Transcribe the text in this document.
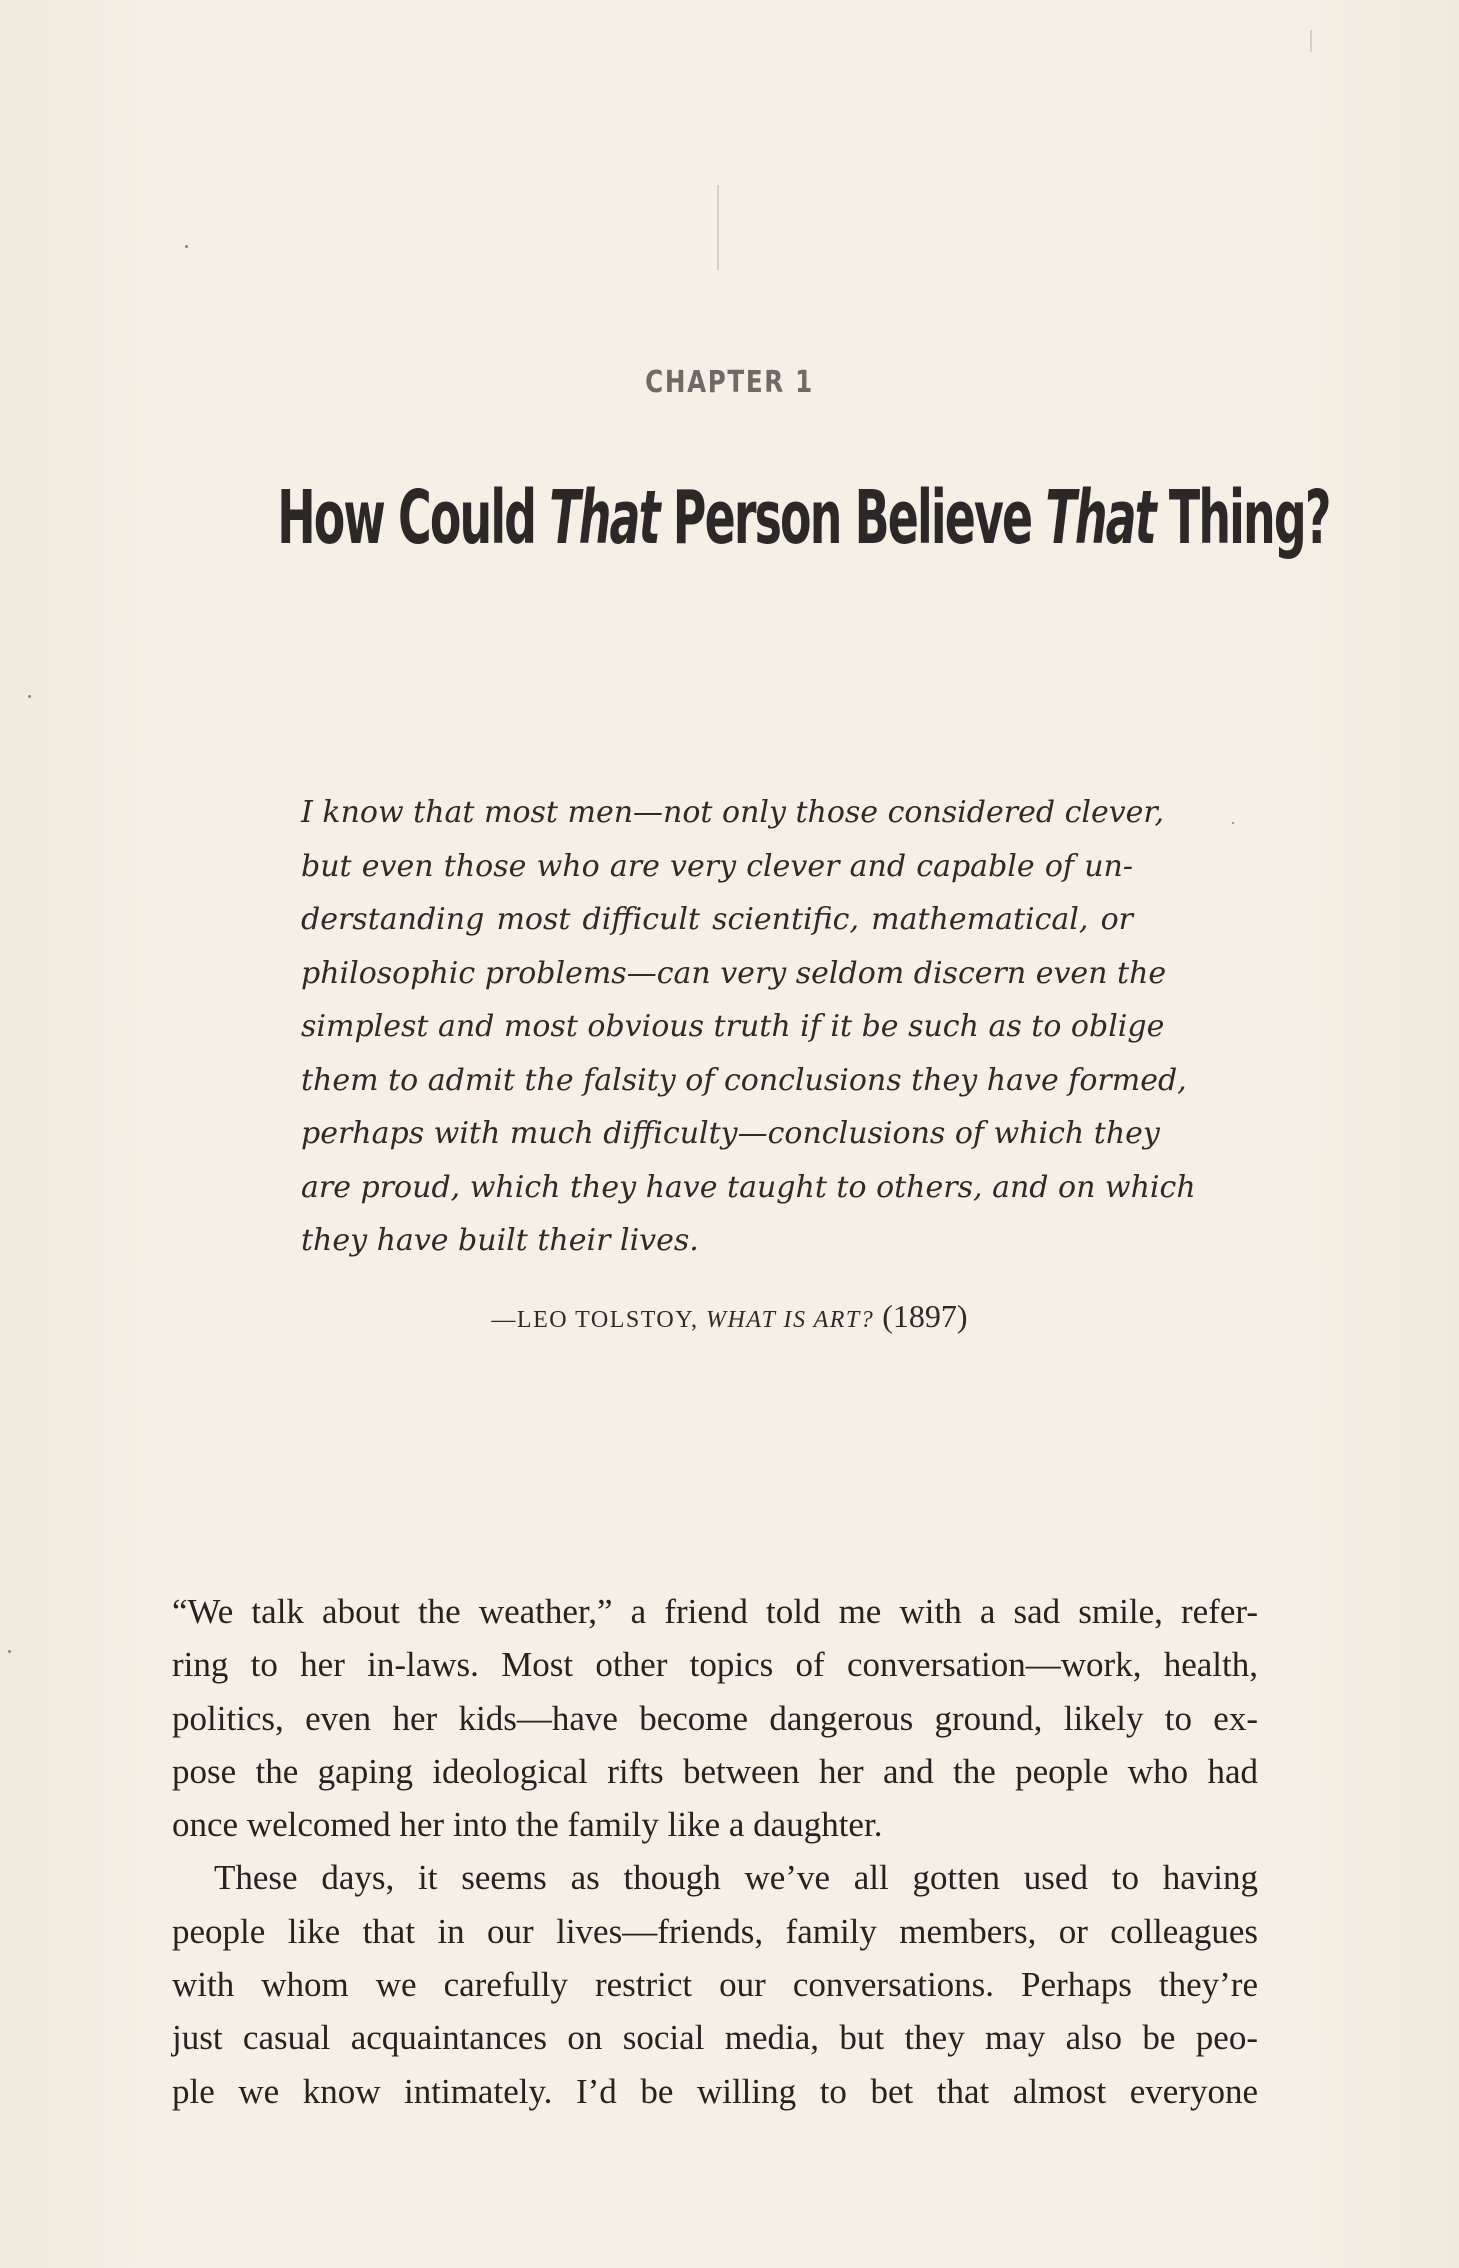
CHAPTER 1
How Could That Person Believe That Thing?
I know that most men—not only those considered clever,
but even those who are very clever and capable of un-
derstanding most difficult scientific, mathematical, or
philosophic problems—can very seldom discern even the
simplest and most obvious truth if it be such as to oblige
them to admit the falsity of conclusions they have formed,
perhaps with much difficulty—conclusions of which they
are proud, which they have taught to others, and on which
they have built their lives.
—LEO TOLSTOY, WHAT IS ART? (1897)
“We talk about the weather,” a friend told me with a sad smile, refer-
ring to her in-laws. Most other topics of conversation—work, health,
politics, even her kids—have become dangerous ground, likely to ex-
pose the gaping ideological rifts between her and the people who had
once welcomed her into the family like a daughter.
These days, it seems as though we’ve all gotten used to having
people like that in our lives—friends, family members, or colleagues
with whom we carefully restrict our conversations. Perhaps they’re
just casual acquaintances on social media, but they may also be peo-
ple we know intimately. I’d be willing to bet that almost everyone
